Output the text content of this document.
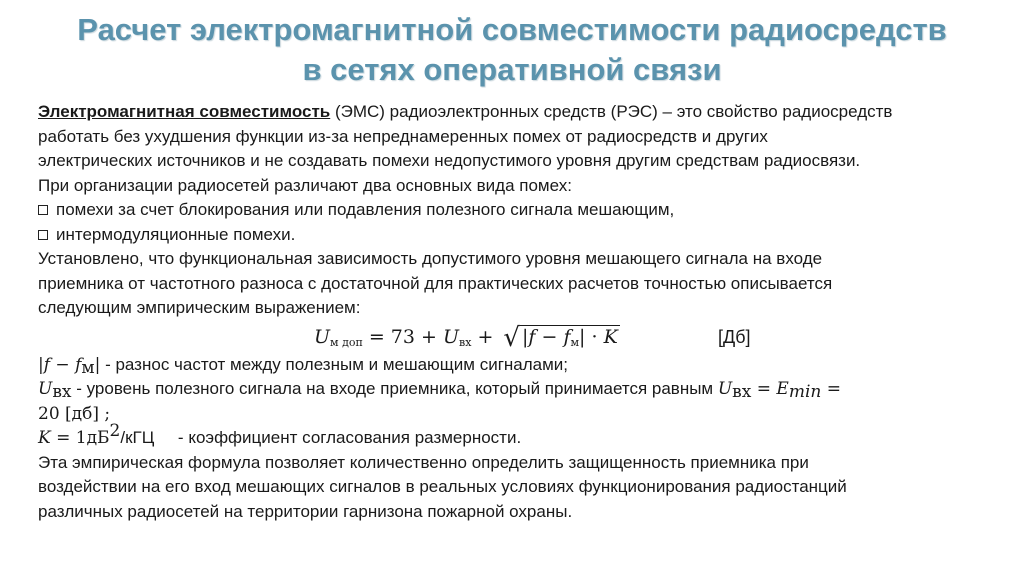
Расчет электромагнитной совместимости радиосредств
в сетях оперативной связи
Электромагнитная совместимость (ЭМС) радиоэлектронных средств (РЭС) – это свойство радиосредств
работать без ухудшения функции из-за непреднамеренных помех от радиосредств и других
электрических источников и не создавать помехи недопустимого уровня другим средствам радиосвязи.
При организации радиосетей различают два основных вида помех:
помехи за счет блокирования или подавления полезного сигнала мешающим,
интермодуляционные помехи.
Установлено, что функциональная зависимость допустимого уровня мешающего сигнала на входе
приемника от частотного разноса с достаточной для практических расчетов точностью описывается
следующим эмпирическим выражением:
$U_{м доп} = 73 + U_{вх}$ + √ $|f - f_м| \cdot K$	[Дб]
$|f - f_м|$ - разнос частот между полезным и мешающим сигналами;
$U_{вх}$ - уровень полезного сигнала на входе приемника, который принимается равным $U_{вх} = E_{min}$ =
20 [дб] ;
$K = 1дБ^2$/кГЦ     - коэффициент согласования размерности.
Эта эмпирическая формула позволяет количественно определить защищенность приемника при
воздействии на его вход мешающих сигналов в реальных условиях функционирования радиостанций
различных радиосетей на территории гарнизона пожарной охраны.
